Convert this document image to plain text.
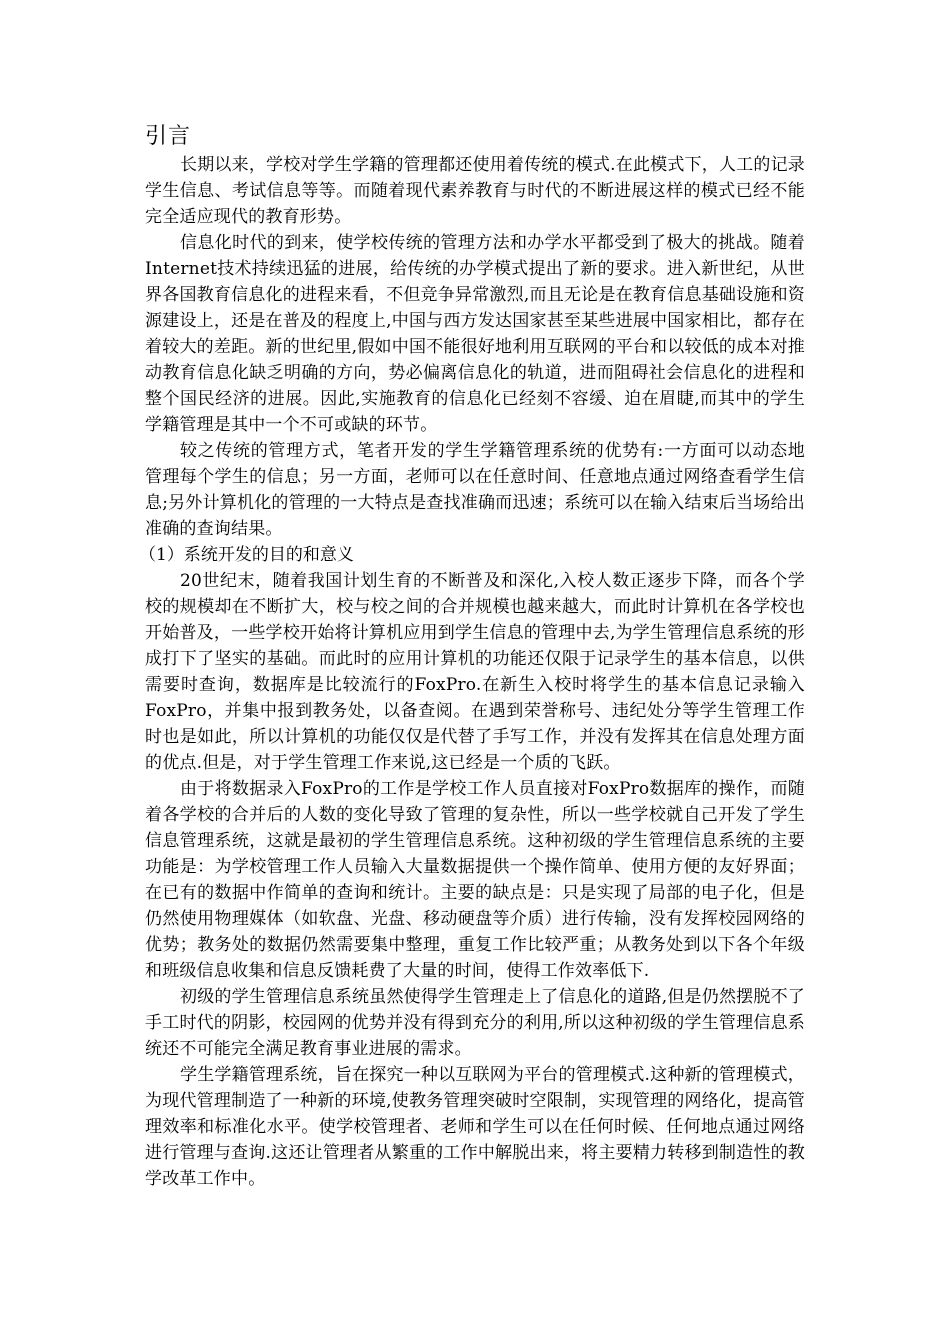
引言

长期以来，学校对学生学籍的管理都还使用着传统的模式.在此模式下，人工的记录学生信息、考试信息等等。而随着现代素养教育与时代的不断进展这样的模式已经不能完全适应现代的教育形势。

信息化时代的到来，使学校传统的管理方法和办学水平都受到了极大的挑战。随着Internet技术持续迅猛的进展，给传统的办学模式提出了新的要求。进入新世纪，从世界各国教育信息化的进程来看，不但竞争异常激烈,而且无论是在教育信息基础设施和资源建设上，还是在普及的程度上,中国与西方发达国家甚至某些进展中国家相比，都存在着较大的差距。新的世纪里,假如中国不能很好地利用互联网的平台和以较低的成本对推动教育信息化缺乏明确的方向，势必偏离信息化的轨道，进而阻碍社会信息化的进程和整个国民经济的进展。因此,实施教育的信息化已经刻不容缓、迫在眉睫,而其中的学生学籍管理是其中一个不可或缺的环节。

较之传统的管理方式，笔者开发的学生学籍管理系统的优势有:一方面可以动态地管理每个学生的信息；另一方面，老师可以在任意时间、任意地点通过网络查看学生信息;另外计算机化的管理的一大特点是查找准确而迅速；系统可以在输入结束后当场给出准确的查询结果。

（1）系统开发的目的和意义

20世纪末，随着我国计划生育的不断普及和深化,入校人数正逐步下降，而各个学校的规模却在不断扩大，校与校之间的合并规模也越来越大，而此时计算机在各学校也开始普及，一些学校开始将计算机应用到学生信息的管理中去,为学生管理信息系统的形成打下了坚实的基础。而此时的应用计算机的功能还仅限于记录学生的基本信息，以供需要时查询，数据库是比较流行的FoxPro.在新生入校时将学生的基本信息记录输入FoxPro，并集中报到教务处，以备查阅。在遇到荣誉称号、违纪处分等学生管理工作时也是如此，所以计算机的功能仅仅是代替了手写工作，并没有发挥其在信息处理方面的优点.但是，对于学生管理工作来说,这已经是一个质的飞跃。

由于将数据录入FoxPro的工作是学校工作人员直接对FoxPro数据库的操作，而随着各学校的合并后的人数的变化导致了管理的复杂性，所以一些学校就自己开发了学生信息管理系统，这就是最初的学生管理信息系统。这种初级的学生管理信息系统的主要功能是：为学校管理工作人员输入大量数据提供一个操作简单、使用方便的友好界面；在已有的数据中作简单的查询和统计。主要的缺点是：只是实现了局部的电子化，但是仍然使用物理媒体（如软盘、光盘、移动硬盘等介质）进行传输，没有发挥校园网络的优势；教务处的数据仍然需要集中整理，重复工作比较严重；从教务处到以下各个年级和班级信息收集和信息反馈耗费了大量的时间，使得工作效率低下.

初级的学生管理信息系统虽然使得学生管理走上了信息化的道路,但是仍然摆脱不了手工时代的阴影，校园网的优势并没有得到充分的利用,所以这种初级的学生管理信息系统还不可能完全满足教育事业进展的需求。

学生学籍管理系统，旨在探究一种以互联网为平台的管理模式.这种新的管理模式，为现代管理制造了一种新的环境,使教务管理突破时空限制，实现管理的网络化，提高管理效率和标准化水平。使学校管理者、老师和学生可以在任何时候、任何地点通过网络进行管理与查询.这还让管理者从繁重的工作中解脱出来，将主要精力转移到制造性的教学改革工作中。
